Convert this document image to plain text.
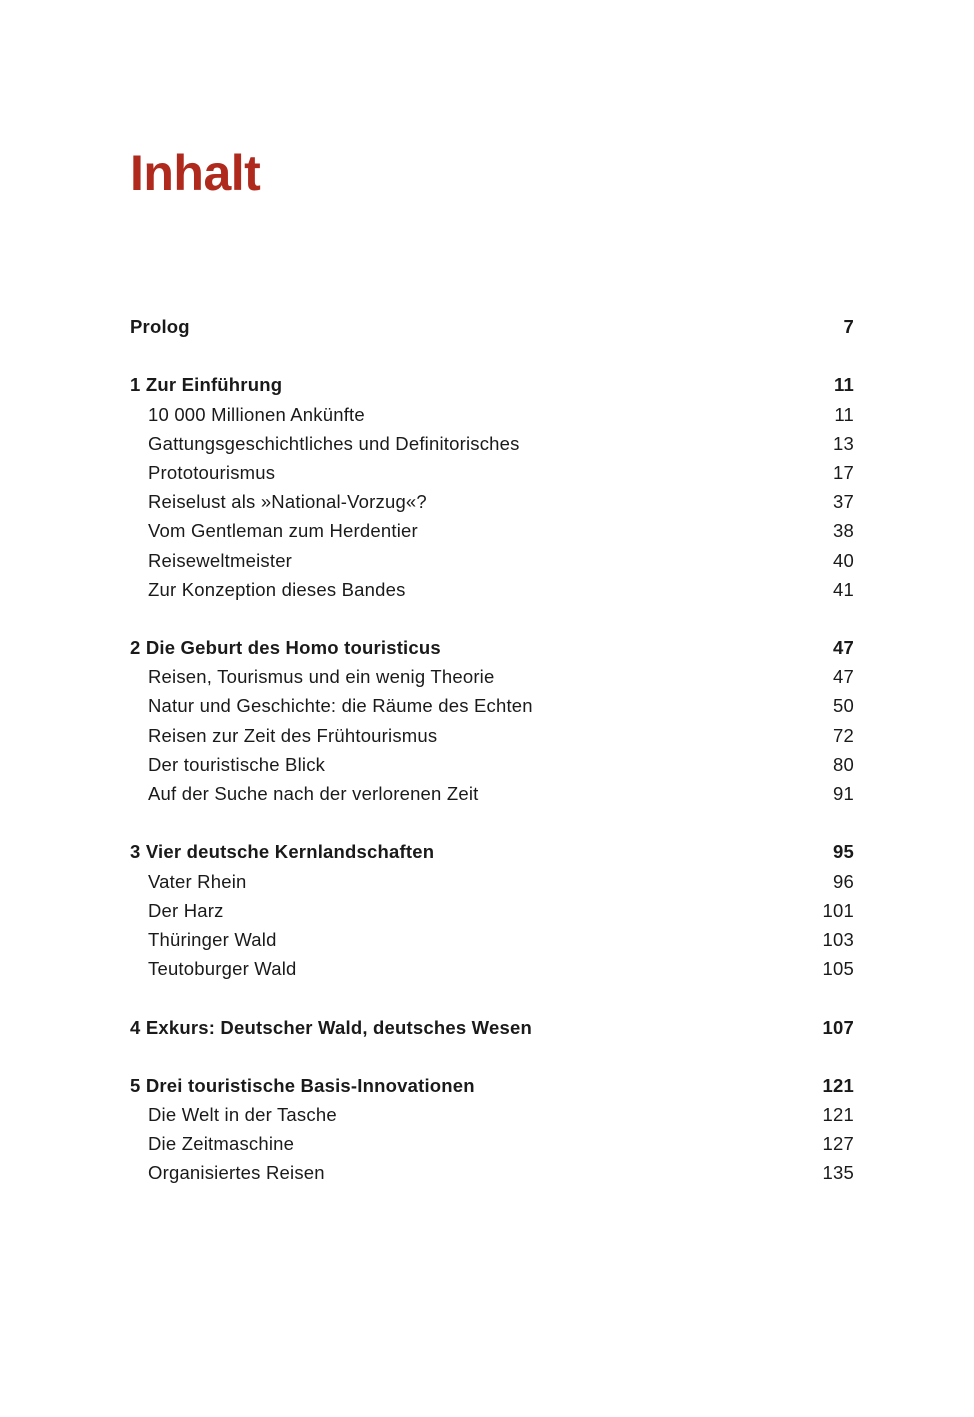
Inhalt
Prolog	7
1 Zur Einführung	11
10 000 Millionen Ankünfte	11
Gattungsgeschichtliches und Definitorisches	13
Prototourismus	17
Reiselust als »National-Vorzug«?	37
Vom Gentleman zum Herdentier	38
Reiseweltmeister	40
Zur Konzeption dieses Bandes	41
2 Die Geburt des Homo touristicus	47
Reisen, Tourismus und ein wenig Theorie	47
Natur und Geschichte: die Räume des Echten	50
Reisen zur Zeit des Frühtourismus	72
Der touristische Blick	80
Auf der Suche nach der verlorenen Zeit	91
3 Vier deutsche Kernlandschaften	95
Vater Rhein	96
Der Harz	101
Thüringer Wald	103
Teutoburger Wald	105
4 Exkurs: Deutscher Wald, deutsches Wesen	107
5 Drei touristische Basis-Innovationen	121
Die Welt in der Tasche	121
Die Zeitmaschine	127
Organisiertes Reisen	135
